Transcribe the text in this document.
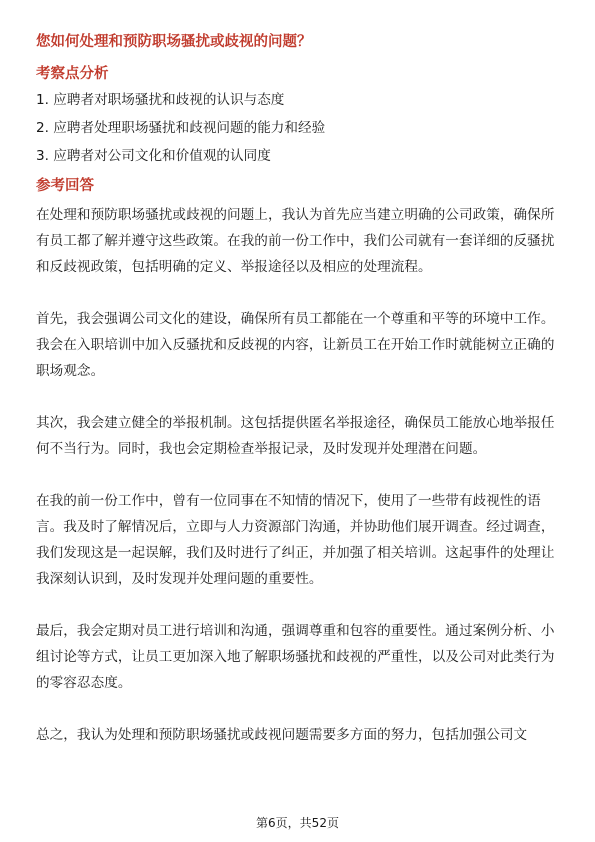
您如何处理和预防职场骚扰或歧视的问题？
考察点分析
1. 应聘者对职场骚扰和歧视的认识与态度
2. 应聘者处理职场骚扰和歧视问题的能力和经验
3. 应聘者对公司文化和价值观的认同度
参考回答

在处理和预防职场骚扰或歧视的问题上，我认为首先应当建立明确的公司政策，确保所有员工都了解并遵守这些政策。在我的前一份工作中，我们公司就有一套详细的反骚扰和反歧视政策，包括明确的定义、举报途径以及相应的处理流程。

首先，我会强调公司文化的建设，确保所有员工都能在一个尊重和平等的环境中工作。我会在入职培训中加入反骚扰和反歧视的内容，让新员工在开始工作时就能树立正确的职场观念。

其次，我会建立健全的举报机制。这包括提供匿名举报途径，确保员工能放心地举报任何不当行为。同时，我也会定期检查举报记录，及时发现并处理潜在问题。

在我的前一份工作中，曾有一位同事在不知情的情况下，使用了一些带有歧视性的语言。我及时了解情况后，立即与人力资源部门沟通，并协助他们展开调查。经过调查，我们发现这是一起误解，我们及时进行了纠正，并加强了相关培训。这起事件的处理让我深刻认识到，及时发现并处理问题的重要性。

最后，我会定期对员工进行培训和沟通，强调尊重和包容的重要性。通过案例分析、小组讨论等方式，让员工更加深入地了解职场骚扰和歧视的严重性，以及公司对此类行为的零容忍态度。

总之，我认为处理和预防职场骚扰或歧视问题需要多方面的努力，包括加强公司文

第6页，共52页
